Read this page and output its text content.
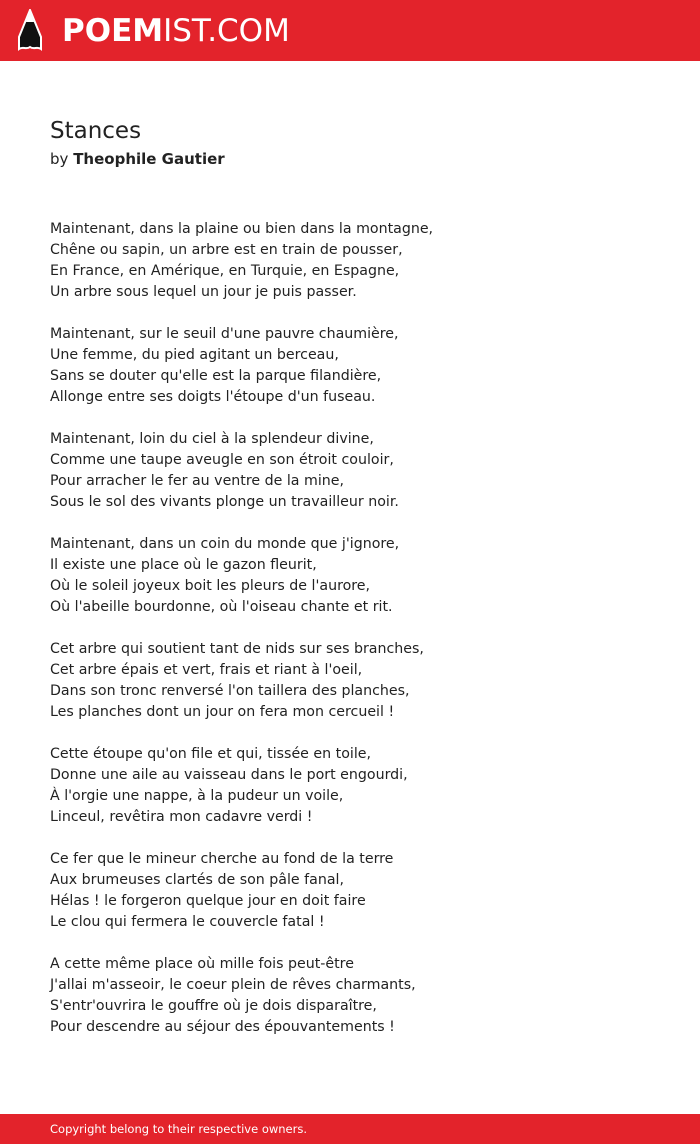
POEMIST.COM
Stances
by Theophile Gautier
Maintenant, dans la plaine ou bien dans la montagne,
Chêne ou sapin, un arbre est en train de pousser,
En France, en Amérique, en Turquie, en Espagne,
Un arbre sous lequel un jour je puis passer.
Maintenant, sur le seuil d'une pauvre chaumière,
Une femme, du pied agitant un berceau,
Sans se douter qu'elle est la parque filandière,
Allonge entre ses doigts l'étoupe d'un fuseau.
Maintenant, loin du ciel à la splendeur divine,
Comme une taupe aveugle en son étroit couloir,
Pour arracher le fer au ventre de la mine,
Sous le sol des vivants plonge un travailleur noir.
Maintenant, dans un coin du monde que j'ignore,
Il existe une place où le gazon fleurit,
Où le soleil joyeux boit les pleurs de l'aurore,
Où l'abeille bourdonne, où l'oiseau chante et rit.
Cet arbre qui soutient tant de nids sur ses branches,
Cet arbre épais et vert, frais et riant à l'oeil,
Dans son tronc renversé l'on taillera des planches,
Les planches dont un jour on fera mon cercueil !
Cette étoupe qu'on file et qui, tissée en toile,
Donne une aile au vaisseau dans le port engourdi,
À l'orgie une nappe, à la pudeur un voile,
Linceul, revêtira mon cadavre verdi !
Ce fer que le mineur cherche au fond de la terre
Aux brumeuses clartés de son pâle fanal,
Hélas ! le forgeron quelque jour en doit faire
Le clou qui fermera le couvercle fatal !
A cette même place où mille fois peut-être
J'allai m'asseoir, le coeur plein de rêves charmants,
S'entr'ouvrira le gouffre où je dois disparaître,
Pour descendre au séjour des épouvantements !
Copyright belong to their respective owners.
